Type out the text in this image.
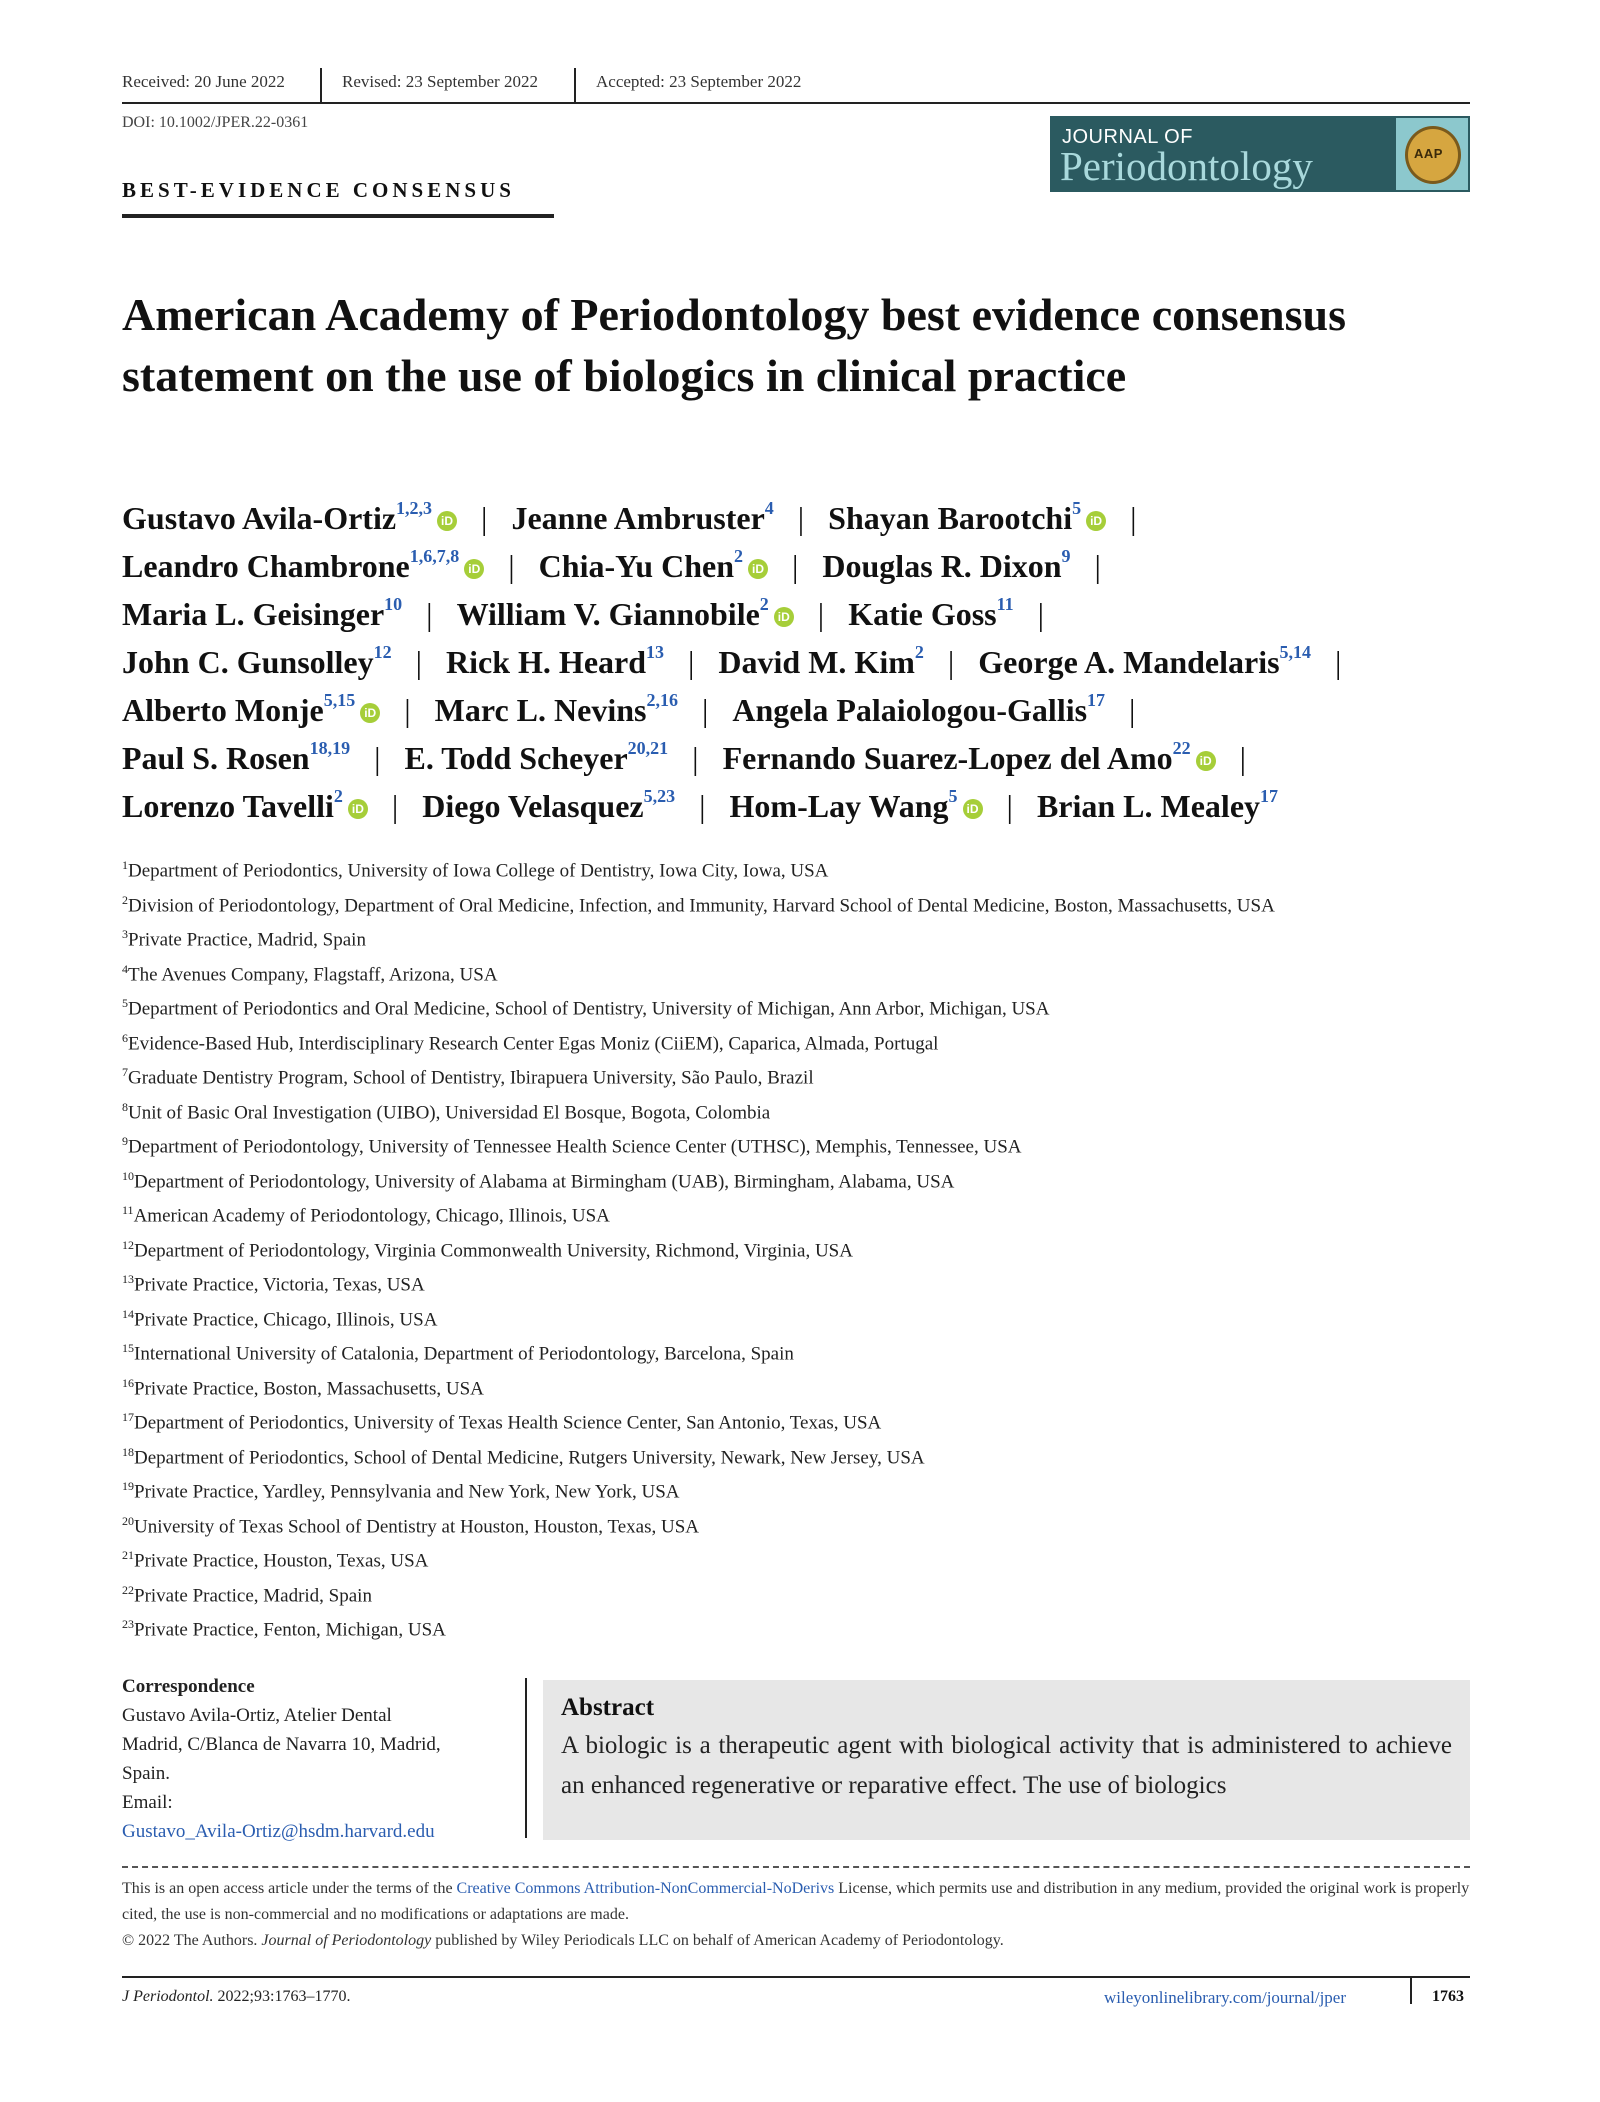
Received: 20 June 2022	Revised: 23 September 2022	Accepted: 23 September 2022
DOI: 10.1002/JPER.22-0361
JOURNAL OF
Periodontology	AAP
BEST-EVIDENCE CONSENSUS
American Academy of Periodontology best evidence consensus statement on the use of biologics in clinical practice
Gustavo Avila-Ortiz$^{1,2,3}$iD | Jeanne Ambruster$^4$ | Shayan Barootchi$^5$iD |
Leandro Chambrone$^{1,6,7,8}$iD | Chia-Yu Chen$^2$iD | Douglas R. Dixon$^9$ |
Maria L. Geisinger$^{10}$ | William V. Giannobile$^2$iD | Katie Goss$^{11}$ |
John C. Gunsolley$^{12}$ | Rick H. Heard$^{13}$ | David M. Kim$^2$ | George A. Mandelaris$^{5,14}$ |
Alberto Monje$^{5,15}$iD | Marc L. Nevins$^{2,16}$ | Angela Palaiologou-Gallis$^{17}$ |
Paul S. Rosen$^{18,19}$ | E. Todd Scheyer$^{20,21}$ | Fernando Suarez-Lopez del Amo$^{22}$iD |
Lorenzo Tavelli$^2$iD | Diego Velasquez$^{5,23}$ | Hom-Lay Wang$^5$iD | Brian L. Mealey$^{17}$
$^1$Department of Periodontics, University of Iowa College of Dentistry, Iowa City, Iowa, USA
$^2$Division of Periodontology, Department of Oral Medicine, Infection, and Immunity, Harvard School of Dental Medicine, Boston, Massachusetts, USA
$^3$Private Practice, Madrid, Spain
$^4$The Avenues Company, Flagstaff, Arizona, USA
$^5$Department of Periodontics and Oral Medicine, School of Dentistry, University of Michigan, Ann Arbor, Michigan, USA
$^6$Evidence-Based Hub, Interdisciplinary Research Center Egas Moniz (CiiEM), Caparica, Almada, Portugal
$^7$Graduate Dentistry Program, School of Dentistry, Ibirapuera University, São Paulo, Brazil
$^8$Unit of Basic Oral Investigation (UIBO), Universidad El Bosque, Bogota, Colombia
$^9$Department of Periodontology, University of Tennessee Health Science Center (UTHSC), Memphis, Tennessee, USA
$^{10}$Department of Periodontology, University of Alabama at Birmingham (UAB), Birmingham, Alabama, USA
$^{11}$American Academy of Periodontology, Chicago, Illinois, USA
$^{12}$Department of Periodontology, Virginia Commonwealth University, Richmond, Virginia, USA
$^{13}$Private Practice, Victoria, Texas, USA
$^{14}$Private Practice, Chicago, Illinois, USA
$^{15}$International University of Catalonia, Department of Periodontology, Barcelona, Spain
$^{16}$Private Practice, Boston, Massachusetts, USA
$^{17}$Department of Periodontics, University of Texas Health Science Center, San Antonio, Texas, USA
$^{18}$Department of Periodontics, School of Dental Medicine, Rutgers University, Newark, New Jersey, USA
$^{19}$Private Practice, Yardley, Pennsylvania and New York, New York, USA
$^{20}$University of Texas School of Dentistry at Houston, Houston, Texas, USA
$^{21}$Private Practice, Houston, Texas, USA
$^{22}$Private Practice, Madrid, Spain
$^{23}$Private Practice, Fenton, Michigan, USA
Correspondence
Gustavo Avila-Ortiz, Atelier Dental
Madrid, C/Blanca de Navarra 10, Madrid,
Spain.
Email:
Gustavo_Avila-Ortiz@hsdm.harvard.edu
Abstract
A biologic is a therapeutic agent with biological activity that is administered to achieve an enhanced regenerative or reparative effect. The use of biologics
This is an open access article under the terms of the Creative Commons Attribution-NonCommercial-NoDerivs License, which permits use and distribution in any medium, provided the original work is properly cited, the use is non-commercial and no modifications or adaptations are made.
© 2022 The Authors. Journal of Periodontology published by Wiley Periodicals LLC on behalf of American Academy of Periodontology.
J Periodontol. 2022;93:1763–1770.	wileyonlinelibrary.com/journal/jper	1763
